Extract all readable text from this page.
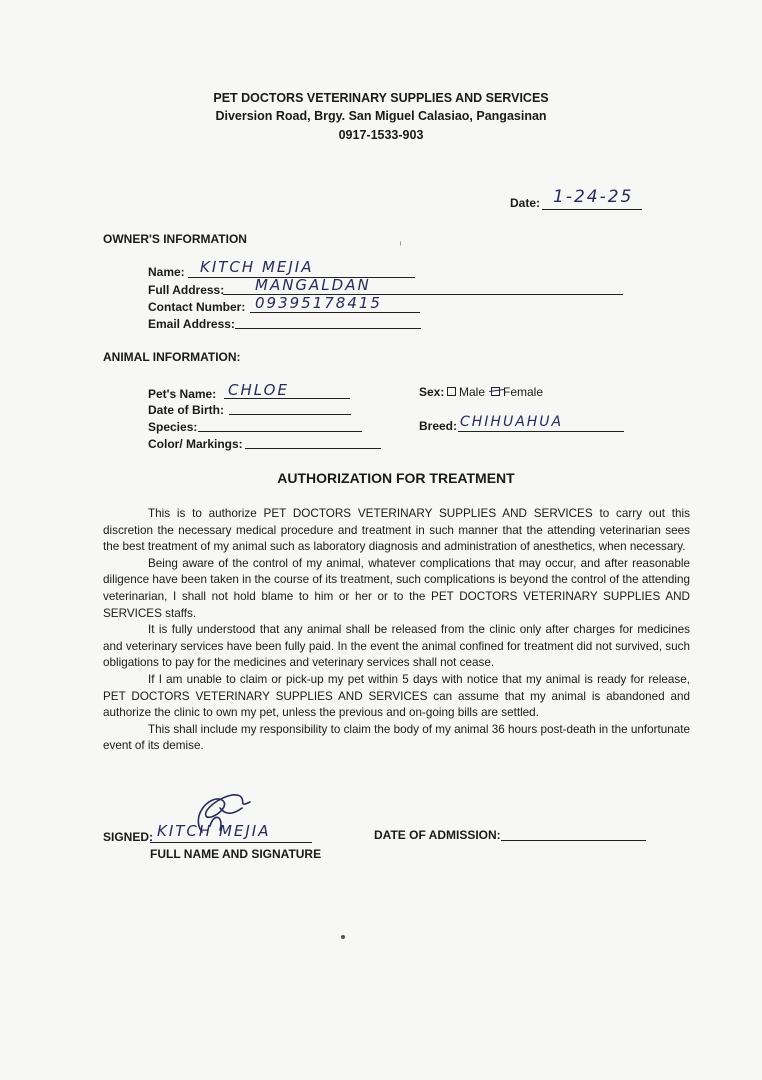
PET DOCTORS VETERINARY SUPPLIES AND SERVICES
Diversion Road, Brgy. San Miguel Calasiao, Pangasinan
0917-1533-903
Date: 1-24-25
OWNER'S INFORMATION
Name: KITCH MEJIA
Full Address: MANGALDAN
Contact Number: 09395178415
Email Address:
ANIMAL INFORMATION:
Pet's Name: CHLOE
Date of Birth:
Species:
Color/ Markings:
Sex:	Male	Female
Breed: CHIHUAHUA
AUTHORIZATION FOR TREATMENT

This is to authorize PET DOCTORS VETERINARY SUPPLIES AND SERVICES to carry out this discretion the necessary medical procedure and treatment in such manner that the attending veterinarian sees the best treatment of my animal such as laboratory diagnosis and administration of anesthetics, when necessary.

Being aware of the control of my animal, whatever complications that may occur, and after reasonable diligence have been taken in the course of its treatment, such complications is beyond the control of the attending veterinarian, I shall not hold blame to him or her or to the PET DOCTORS VETERINARY SUPPLIES AND SERVICES staffs.

It is fully understood that any animal shall be released from the clinic only after charges for medicines and veterinary services have been fully paid. In the event the animal confined for treatment did not survived, such obligations to pay for the medicines and veterinary services shall not cease.

If I am unable to claim or pick-up my pet within 5 days with notice that my animal is ready for release, PET DOCTORS VETERINARY SUPPLIES AND SERVICES can assume that my animal is abandoned and authorize the clinic to own my pet, unless the previous and on-going bills are settled.

This shall include my responsibility to claim the body of my animal 36 hours post-death in the unfortunate event of its demise.

SIGNED: KITCH MEJIA
FULL NAME AND SIGNATURE
DATE OF ADMISSION:
